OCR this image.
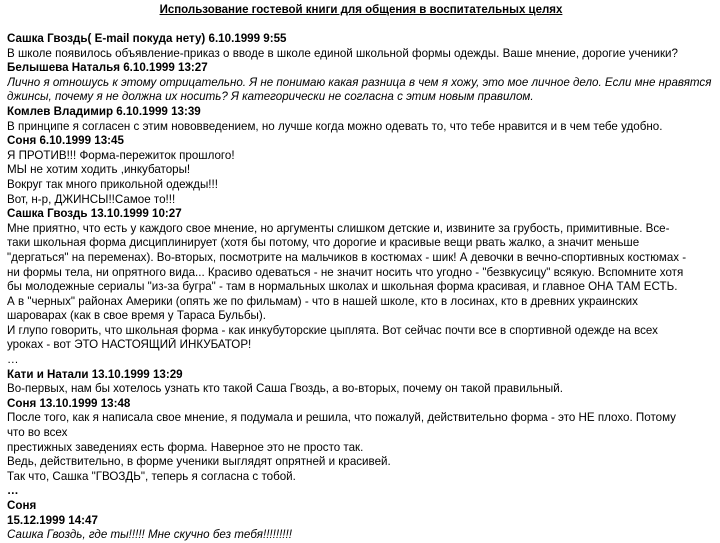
Использование гостевой книги для общения в воспитательных целях
Сашка Гвоздь( E-mail покуда нету) 6.10.1999 9:55
В школе появилось объявление-приказ о вводе в школе единой школьной формы одежды. Ваше мнение, дорогие ученики?
Белышева Наталья 6.10.1999 13:27
Лично я отношусь к этому отрицательно. Я не понимаю какая разница в чем я хожу, это мое личное дело. Если мне нравятся
джинсы, почему я не должна их носить? Я категорически не согласна с этим новым правилом.
Комлев Владимир 6.10.1999 13:39
В принципе я согласен с этим нововведением, но лучше когда можно одевать то, что тебе нравится и в чем тебе удобно.
Соня 6.10.1999 13:45
Я ПРОТИВ!!! Форма-пережиток прошлого!
МЫ не хотим ходить ,инкубаторы!
Вокруг так много прикольной одежды!!!
Вот, н-р, ДЖИНСЫ!!Самое то!!!
Сашка Гвоздь 13.10.1999 10:27
Мне приятно, что есть у каждого свое мнение, но аргументы слишком детские и, извините за грубость, примитивные. Все-
таки школьная форма дисциплинирует (хотя бы потому, что дорогие и красивые вещи рвать жалко, а значит меньше
"дергаться" на переменах). Во-вторых, посмотрите на мальчиков в костюмах - шик! А девочки в вечно-спортивных костюмах -
ни формы тела, ни опрятного вида... Красиво одеваться - не значит носить что угодно - "безвкусицу" всякую. Вспомните хотя
бы молодежные сериалы "из-за бугра" - там в нормальных школах и школьная форма красивая, и главное ОНА ТАМ ЕСТЬ.
А в "черных" районах Америки (опять же по фильмам) - что в нашей школе, кто в лосинах, кто в древних украинских
шароварах (как в свое время у Тараса Бульбы).
И глупо говорить, что школьная форма - как инкубуторские цыплята. Вот сейчас почти все в спортивной одежде на всех
уроках - вот ЭТО НАСТОЯЩИЙ ИНКУБАТОР!
…
Кати и Натали 13.10.1999 13:29
Во-первых, нам бы хотелось узнать кто такой Саша Гвоздь, а во-вторых, почему он такой правильный.
Соня 13.10.1999 13:48
После того, как я написала свое мнение, я подумала и решила, что пожалуй, действительно форма - это НЕ плохо. Потому
что во всех
престижных заведениях есть форма. Наверное это не просто так.
Ведь, действительно, в форме ученики выглядят опрятней и красивей.
Так что, Сашка "ГВОЗДЬ", теперь я согласна с тобой.
…
Соня
15.12.1999 14:47
Сашка Гвоздь, где ты!!!!! Мне скучно без тебя!!!!!!!!!
